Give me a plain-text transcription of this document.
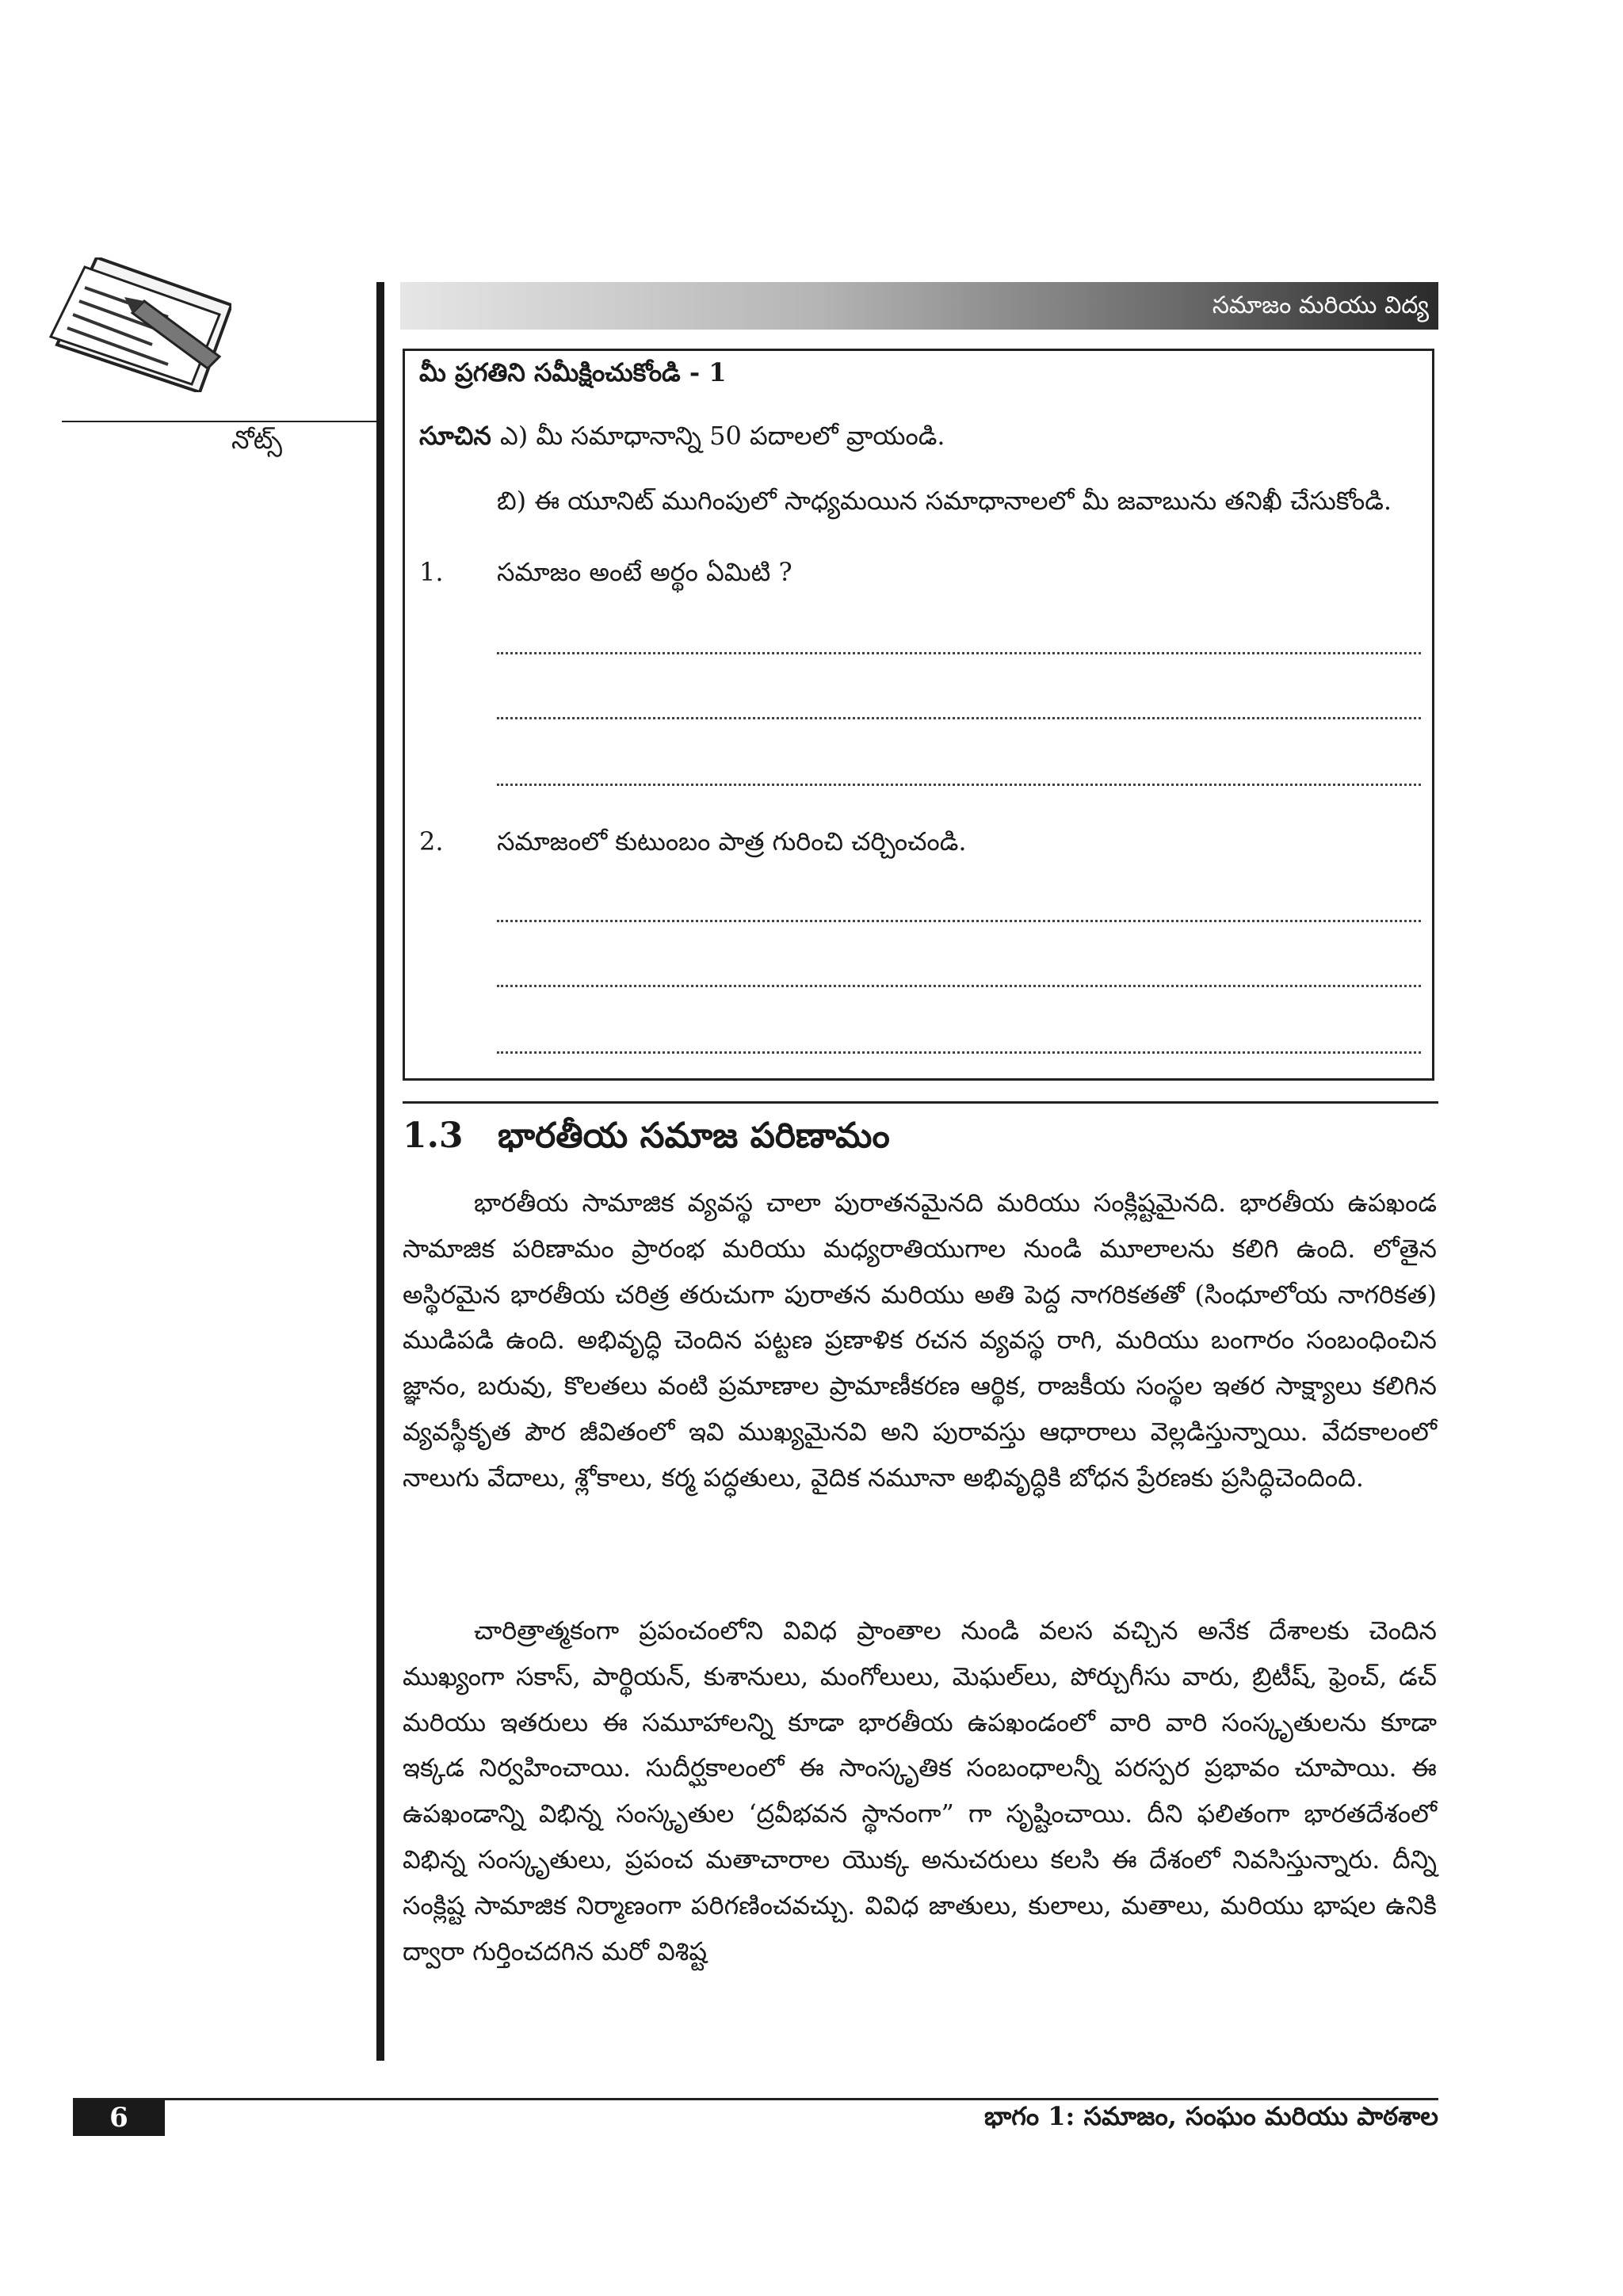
నోట్స్
సమాజం మరియు విద్య
మీ ప్రగతిని సమీక్షించుకోండి - 1
సూచిన ఎ) మీ సమాధానాన్ని 50 పదాలలో వ్రాయండి.
బి) ఈ యూనిట్ ముగింపులో సాధ్యమయిన సమాధానాలలో మీ జవాబును తనిఖీ చేసుకోండి.
1. సమాజం అంటే అర్థం ఏమిటి ?
2. సమాజంలో కుటుంబం పాత్ర గురించి చర్చించండి.
1.3 భారతీయ సమాజ పరిణామం

భారతీయ సామాజిక వ్యవస్థ చాలా పురాతనమైనది మరియు సంక్లిష్టమైనది. భారతీయ ఉపఖండ సామాజిక పరిణామం ప్రారంభ మరియు మధ్యరాతియుగాల నుండి మూలాలను కలిగి ఉంది. లోతైన అస్థిరమైన భారతీయ చరిత్ర తరుచుగా పురాతన మరియు అతి పెద్ద నాగరికతతో (సింధూలోయ నాగరికత) ముడిపడి ఉంది. అభివృద్ధి చెందిన పట్టణ ప్రణాళిక రచన వ్యవస్థ రాగి, మరియు బంగారం సంబంధించిన జ్ఞానం, బరువు, కొలతలు వంటి ప్రమాణాల ప్రామాణీకరణ ఆర్థిక, రాజకీయ సంస్థల ఇతర సాక్ష్యాలు కలిగిన వ్యవస్థీకృత పౌర జీవితంలో ఇవి ముఖ్యమైనవి అని పురావస్తు ఆధారాలు వెల్లడిస్తున్నాయి. వేదకాలంలో నాలుగు వేదాలు, శ్లోకాలు, కర్మ పద్ధతులు, వైదిక నమూనా అభివృద్ధికి బోధన ప్రేరణకు ప్రసిద్ధిచెందింది.

చారిత్రాత్మకంగా ప్రపంచంలోని వివిధ ప్రాంతాల నుండి వలస వచ్చిన అనేక దేశాలకు చెందిన ముఖ్యంగా సకాస్, పార్థియన్, కుశానులు, మంగోలులు, మెఘల్‌లు, పోర్చుగీసు వారు, బ్రిటీష్, ఫ్రెంచ్, డచ్ మరియు ఇతరులు ఈ సమూహాలన్ని కూడా భారతీయ ఉపఖండంలో వారి వారి సంస్కృతులను కూడా ఇక్కడ నిర్వహించాయి. సుదీర్ఘకాలంలో ఈ సాంస్కృతిక సంబంధాలన్నీ పరస్పర ప్రభావం చూపాయి. ఈ ఉపఖండాన్ని విభిన్న సంస్కృతుల ‘ద్రవీభవన స్థానంగా” గా సృష్టించాయి. దీని ఫలితంగా భారతదేశంలో విభిన్న సంస్కృతులు, ప్రపంచ మతాచారాల యొక్క అనుచరులు కలసి ఈ దేశంలో నివసిస్తున్నారు. దీన్ని సంక్లిష్ట సామాజిక నిర్మాణంగా పరిగణించవచ్చు. వివిధ జాతులు, కులాలు, మతాలు, మరియు భాషల ఉనికి ద్వారా గుర్తించదగిన మరో విశిష్ట

6	భాగం 1: సమాజం, సంఘం మరియు పాఠశాల
